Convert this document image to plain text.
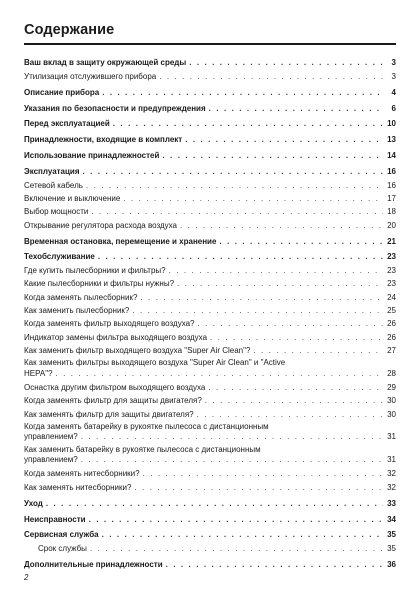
Содержание
Ваш вклад в защиту окружающей среды . . .	3
Утилизация отслужившего прибора . . .	3
Описание прибора . . .	4
Указания по безопасности и предупреждения . . .	6
Перед эксплуатацией . . .	10
Принадлежности, входящие в комплект . . .	13
Использование принадлежностей . . .	14
Эксплуатация . . .	16
Сетевой кабель . . .	16
Включение и выключение . . .	17
Выбор мощности . . .	18
Открывание регулятора расхода воздуха . . .	20
Временная остановка, перемещение и хранение . . .	21
Техобслуживание . . .	23
Где купить пылесборники и фильтры? . . .	23
Какие пылесборники и фильтры нужны? . . .	23
Когда заменять пылесборник? . . .	24
Как заменить пылесборник? . . .	25
Когда заменять фильтр выходящего воздуха? . . .	26
Индикатор замены фильтра выходящего воздуха . . .	26
Как заменить фильтр выходящего воздуха "Super Air Clean"? . . .	27
Как заменить фильтры выходящего воздуха "Super Air Clean" и "Active
HEPA"? . . .	28
Оснастка другим фильтром выходящего воздуха . . .	29
Когда заменять фильтр для защиты двигателя? . . .	30
Как заменять фильтр для защиты двигателя? . . .	30
Когда заменять батарейку в рукоятке пылесоса с дистанционным
управлением? . . .	31
Как заменить батарейку в рукоятке пылесоса с дистанционным
управлением? . . .	31
Когда заменять нитесборники? . . .	32
Как заменять нитесборники? . . .	32
Уход . . .	33
Неисправности . . .	34
Сервисная служба . . .	35
Срок службы . . .	35
Дополнительные принадлежности . . .	36
2
